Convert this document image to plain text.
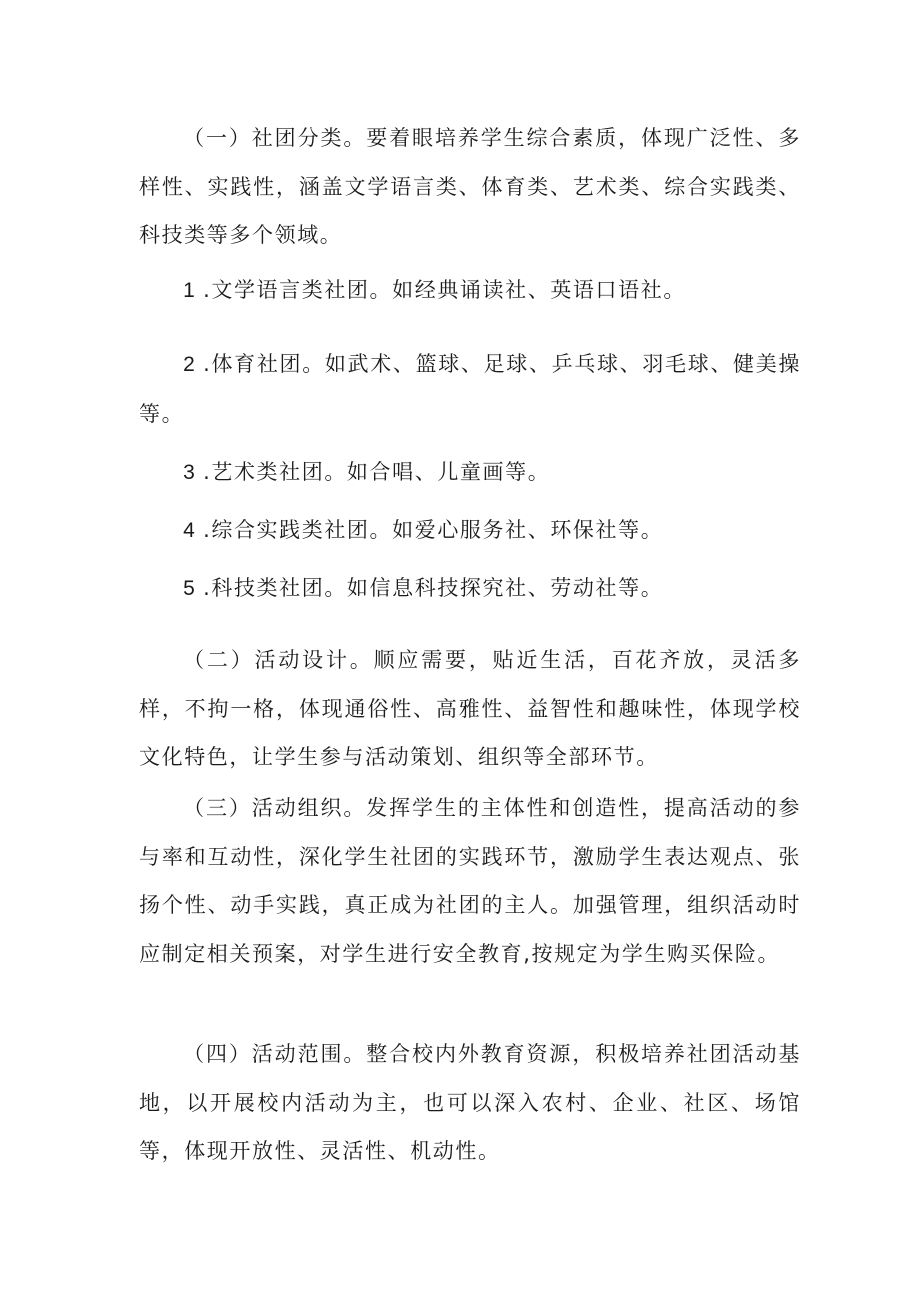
（一）社团分类。要着眼培养学生综合素质，体现广泛性、多样性、实践性，涵盖文学语言类、体育类、艺术类、综合实践类、科技类等多个领域。

1 .文学语言类社团。如经典诵读社、英语口语社。

2 .体育社团。如武术、篮球、足球、乒乓球、羽毛球、健美操等。

3 .艺术类社团。如合唱、儿童画等。

4 .综合实践类社团。如爱心服务社、环保社等。

5 .科技类社团。如信息科技探究社、劳动社等。

（二）活动设计。顺应需要，贴近生活，百花齐放，灵活多样，不拘一格，体现通俗性、高雅性、益智性和趣味性，体现学校文化特色，让学生参与活动策划、组织等全部环节。

（三）活动组织。发挥学生的主体性和创造性，提高活动的参与率和互动性，深化学生社团的实践环节，激励学生表达观点、张扬个性、动手实践，真正成为社团的主人。加强管理，组织活动时应制定相关预案，对学生进行安全教育,按规定为学生购买保险。

（四）活动范围。整合校内外教育资源，积极培养社团活动基地，以开展校内活动为主，也可以深入农村、企业、社区、场馆等，体现开放性、灵活性、机动性。
